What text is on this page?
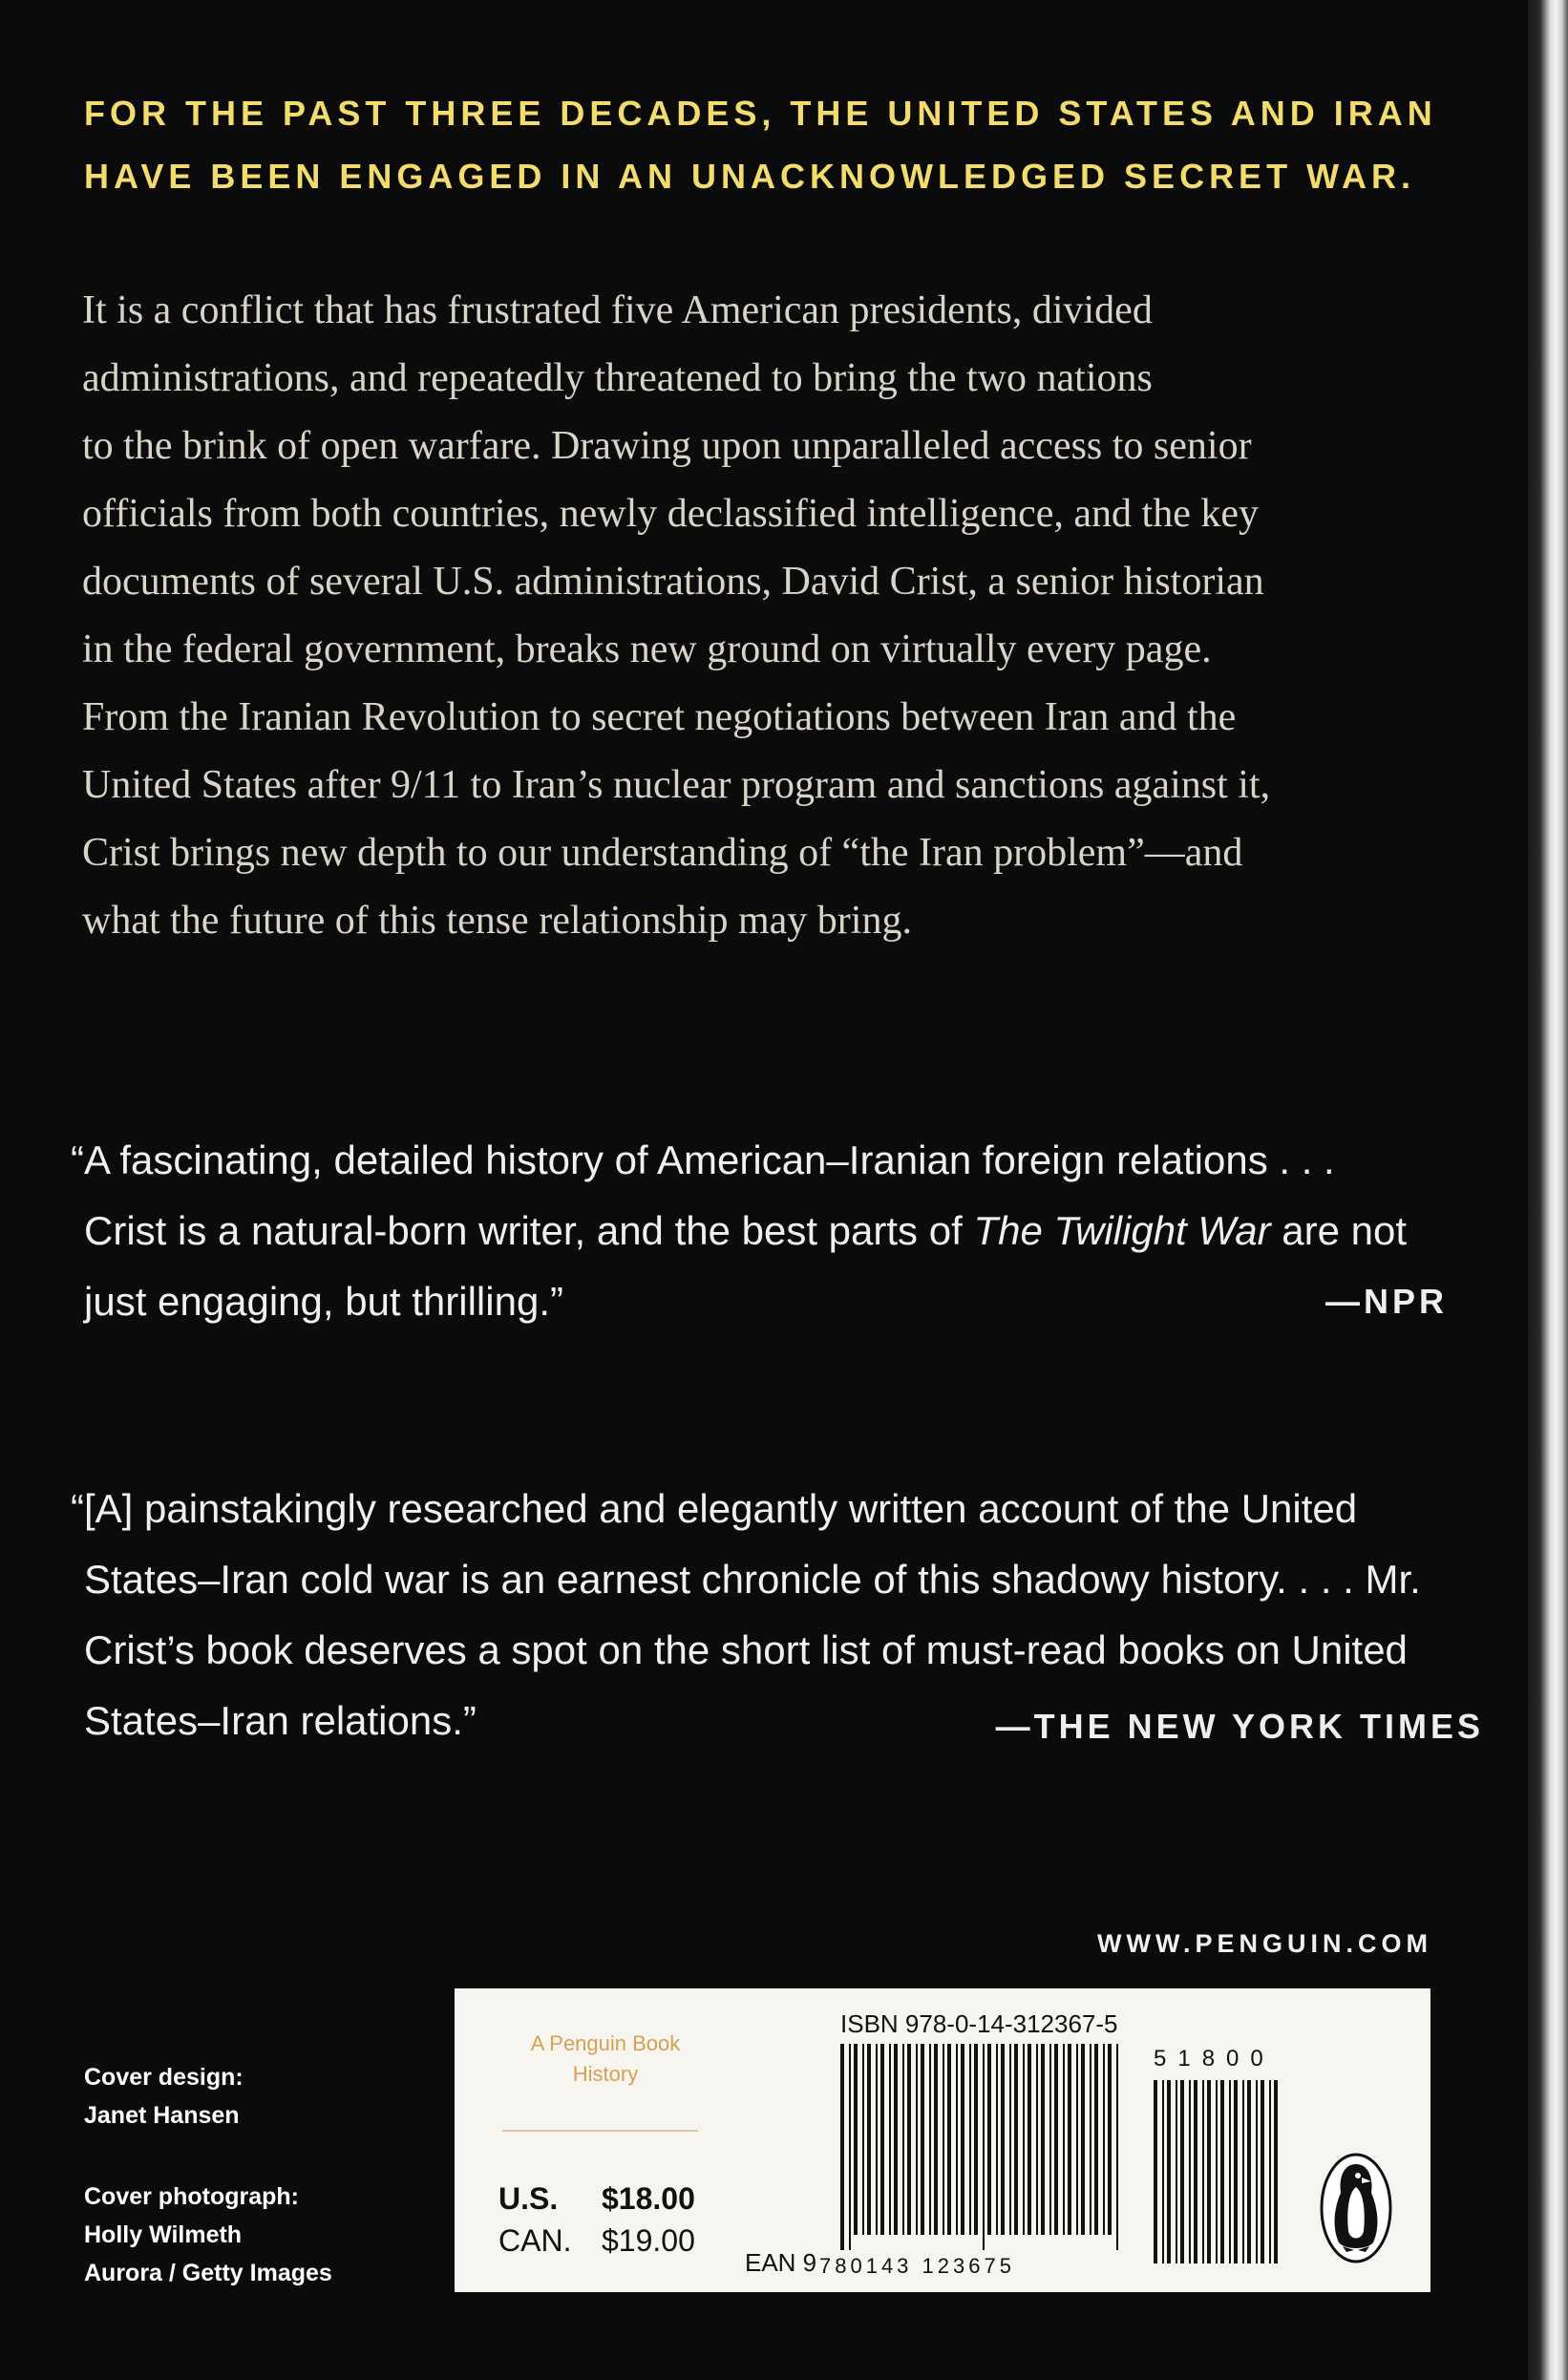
FOR THE PAST THREE DECADES, THE UNITED STATES AND IRAN
HAVE BEEN ENGAGED IN AN UNACKNOWLEDGED SECRET WAR.
It is a conflict that has frustrated five American presidents, divided
administrations, and repeatedly threatened to bring the two nations
to the brink of open warfare. Drawing upon unparalleled access to senior
officials from both countries, newly declassified intelligence, and the key
documents of several U.S. administrations, David Crist, a senior historian
in the federal government, breaks new ground on virtually every page.
From the Iranian Revolution to secret negotiations between Iran and the
United States after 9/11 to Iran’s nuclear program and sanctions against it,
Crist brings new depth to our understanding of “the Iran problem”—and
what the future of this tense relationship may bring.
“A fascinating, detailed history of American–Iranian foreign relations . . .
Crist is a natural-born writer, and the best parts of The Twilight War are not
just engaging, but thrilling.”	—NPR
“[A] painstakingly researched and elegantly written account of the United
States–Iran cold war is an earnest chronicle of this shadowy history. . . . Mr.
Crist’s book deserves a spot on the short list of must-read books on United
States–Iran relations.”	—THE NEW YORK TIMES
WWW.PENGUIN.COM
Cover design:
Janet Hansen
Cover photograph:
Holly Wilmeth
Aurora / Getty Images
A Penguin Book
History
U.S. $18.00
CAN. $19.00
ISBN 978-0-14-312367-5
EAN 9 780143 123675
51800
